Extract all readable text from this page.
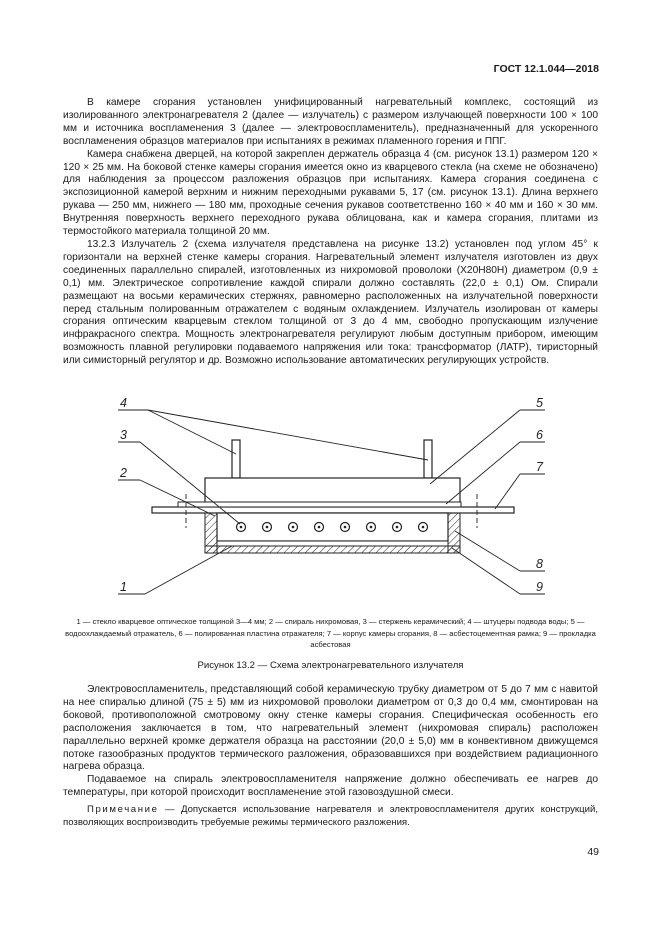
ГОСТ 12.1.044—2018

В камере сгорания установлен унифицированный нагревательный комплекс, состоящий из изолированного электронагревателя 2 (далее — излучатель) с размером излучающей поверхности 100 × 100 мм и источника воспламенения 3 (далее — электровоспламенитель), предназначенный для ускоренного воспламенения образцов материалов при испытаниях в режимах пламенного горения и ППГ.

Камера снабжена дверцей, на которой закреплен держатель образца 4 (см. рисунок 13.1) размером 120 × 120 × 25 мм. На боковой стенке камеры сгорания имеется окно из кварцевого стекла (на схеме не обозначено) для наблюдения за процессом разложения образцов при испытаниях. Камера сгорания соединена с экспозиционной камерой верхним и нижним переходными рукавами 5, 17 (см. рисунок 13.1). Длина верхнего рукава — 250 мм, нижнего — 180 мм, проходные сечения рукавов соответственно 160 × 40 мм и 160 × 30 мм. Внутренняя поверхность верхнего переходного рукава облицована, как и камера сгорания, плитами из термостойкого материала толщиной 20 мм.

13.2.3 Излучатель 2 (схема излучателя представлена на рисунке 13.2) установлен под углом 45° к горизонтали на верхней стенке камеры сгорания. Нагревательный элемент излучателя изготовлен из двух соединенных параллельно спиралей, изготовленных из нихромовой проволоки (Х20Н80Н) диаметром (0,9 ± 0,1) мм. Электрическое сопротивление каждой спирали должно составлять (22,0 ± 0,1) Ом. Спирали размещают на восьми керамических стержнях, равномерно расположенных на излучательной поверхности перед стальным полированным отражателем с водяным охлаждением. Излучатель изолирован от камеры сгорания оптическим кварцевым стеклом толщиной от 3 до 4 мм, свободно пропускающим излучение инфракрасного спектра. Мощность электронагревателя регулируют любым доступным прибором, имеющим возможность плавной регулировки подаваемого напряжения или тока: трансформатор (ЛАТР), тиристорный или симисторный регулятор и др. Возможно использование автоматических регулирующих устройств.

4
3
2
1
5
6
7
8
9
1 — стекло кварцевое оптическое толщиной 3—4 мм; 2 — спираль нихромовая, 3 — стержень керамический; 4 — штуцеры подвода воды; 5 — водоохлаждаемый отражатель, 6 — полированная пластина отражателя; 7 — корпус камеры сгорания, 8 — асбестоцементная рамка; 9 — прокладка асбестовая
Рисунок 13.2 — Схема электронагревательного излучателя

Электровоспламенитель, представляющий собой керамическую трубку диаметром от 5 до 7 мм с навитой на нее спиралью длиной (75 ± 5) мм из нихромовой проволоки диаметром от 0,3 до 0,4 мм, смонтирован на боковой, противоположной смотровому окну стенке камеры сгорания. Специфическая особенность его расположения заключается в том, что нагревательный элемент (нихромовая спираль) расположен параллельно верхней кромке держателя образца на расстоянии (20,0 ± 5,0) мм в конвективном движущемся потоке газообразных продуктов термического разложения, образовавшихся при воздействием радиационного нагрева образца.

Подаваемое на спираль электровоспламенителя напряжение должно обеспечивать ее нагрев до температуры, при которой происходит воспламенение этой газовоздушной смеси.

Примечание — Допускается использование нагревателя и электровоспламенителя других конструкций, позволяющих воспроизводить требуемые режимы термического разложения.

49
